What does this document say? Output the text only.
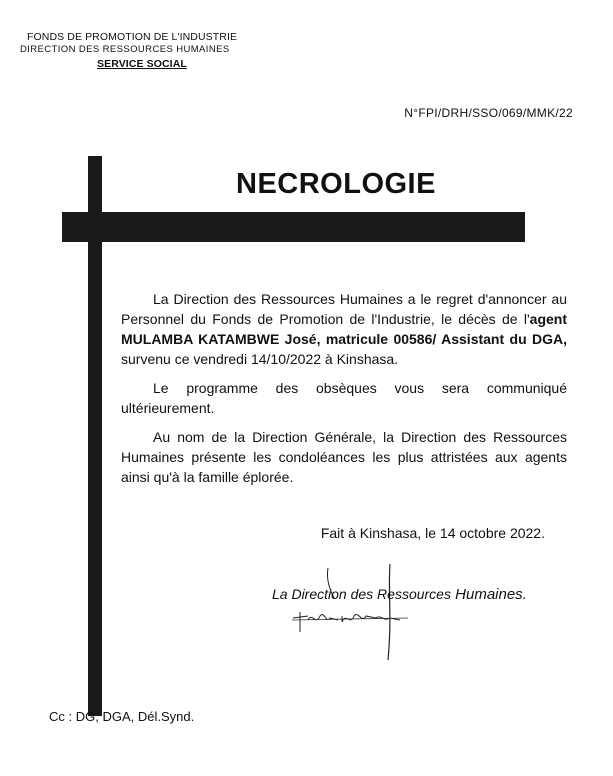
FONDS DE PROMOTION DE L'INDUSTRIE
DIRECTION DES RESSOURCES HUMAINES
SERVICE SOCIAL
N°FPI/DRH/SSO/069/MMK/22
NECROLOGIE
La Direction des Ressources Humaines a le regret d'annoncer au Personnel du Fonds de Promotion de l'Industrie, le décès de l'agent MULAMBA KATAMBWE José, matricule 00586/ Assistant du DGA, survenu ce vendredi 14/10/2022 à Kinshasa.
Le programme des obsèques vous sera communiqué ultérieurement.
Au nom de la Direction Générale, la Direction des Ressources Humaines présente les condoléances les plus attristées aux agents ainsi qu'à la famille éplorée.
Fait à Kinshasa, le 14 octobre 2022.
La Direction des Ressources Humaines.
Cc : DG, DGA, Dél.Synd.
